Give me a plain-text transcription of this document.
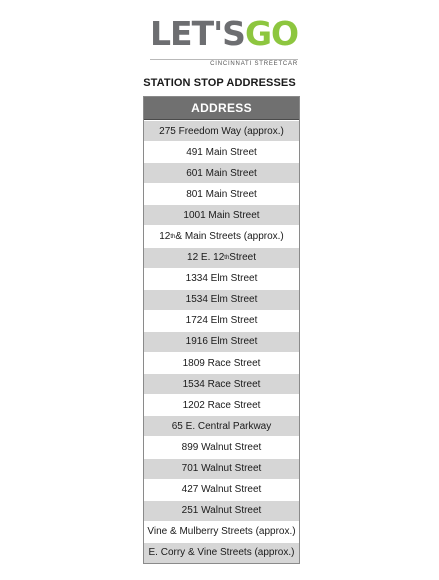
LET'SGO
CINCINNATI STREETCAR
STATION STOP ADDRESSES
ADDRESS
275 Freedom Way (approx.)
491 Main Street
601 Main Street
801 Main Street
1001 Main Street
12 th & Main Streets (approx.)
12 E. 12 th Street
1334 Elm Street
1534 Elm Street
1724 Elm Street
1916 Elm Street
1809 Race Street
1534 Race Street
1202 Race Street
65 E. Central Parkway
899 Walnut Street
701 Walnut Street
427 Walnut Street
251 Walnut Street
Vine & Mulberry Streets (approx.)
E. Corry & Vine Streets (approx.)
